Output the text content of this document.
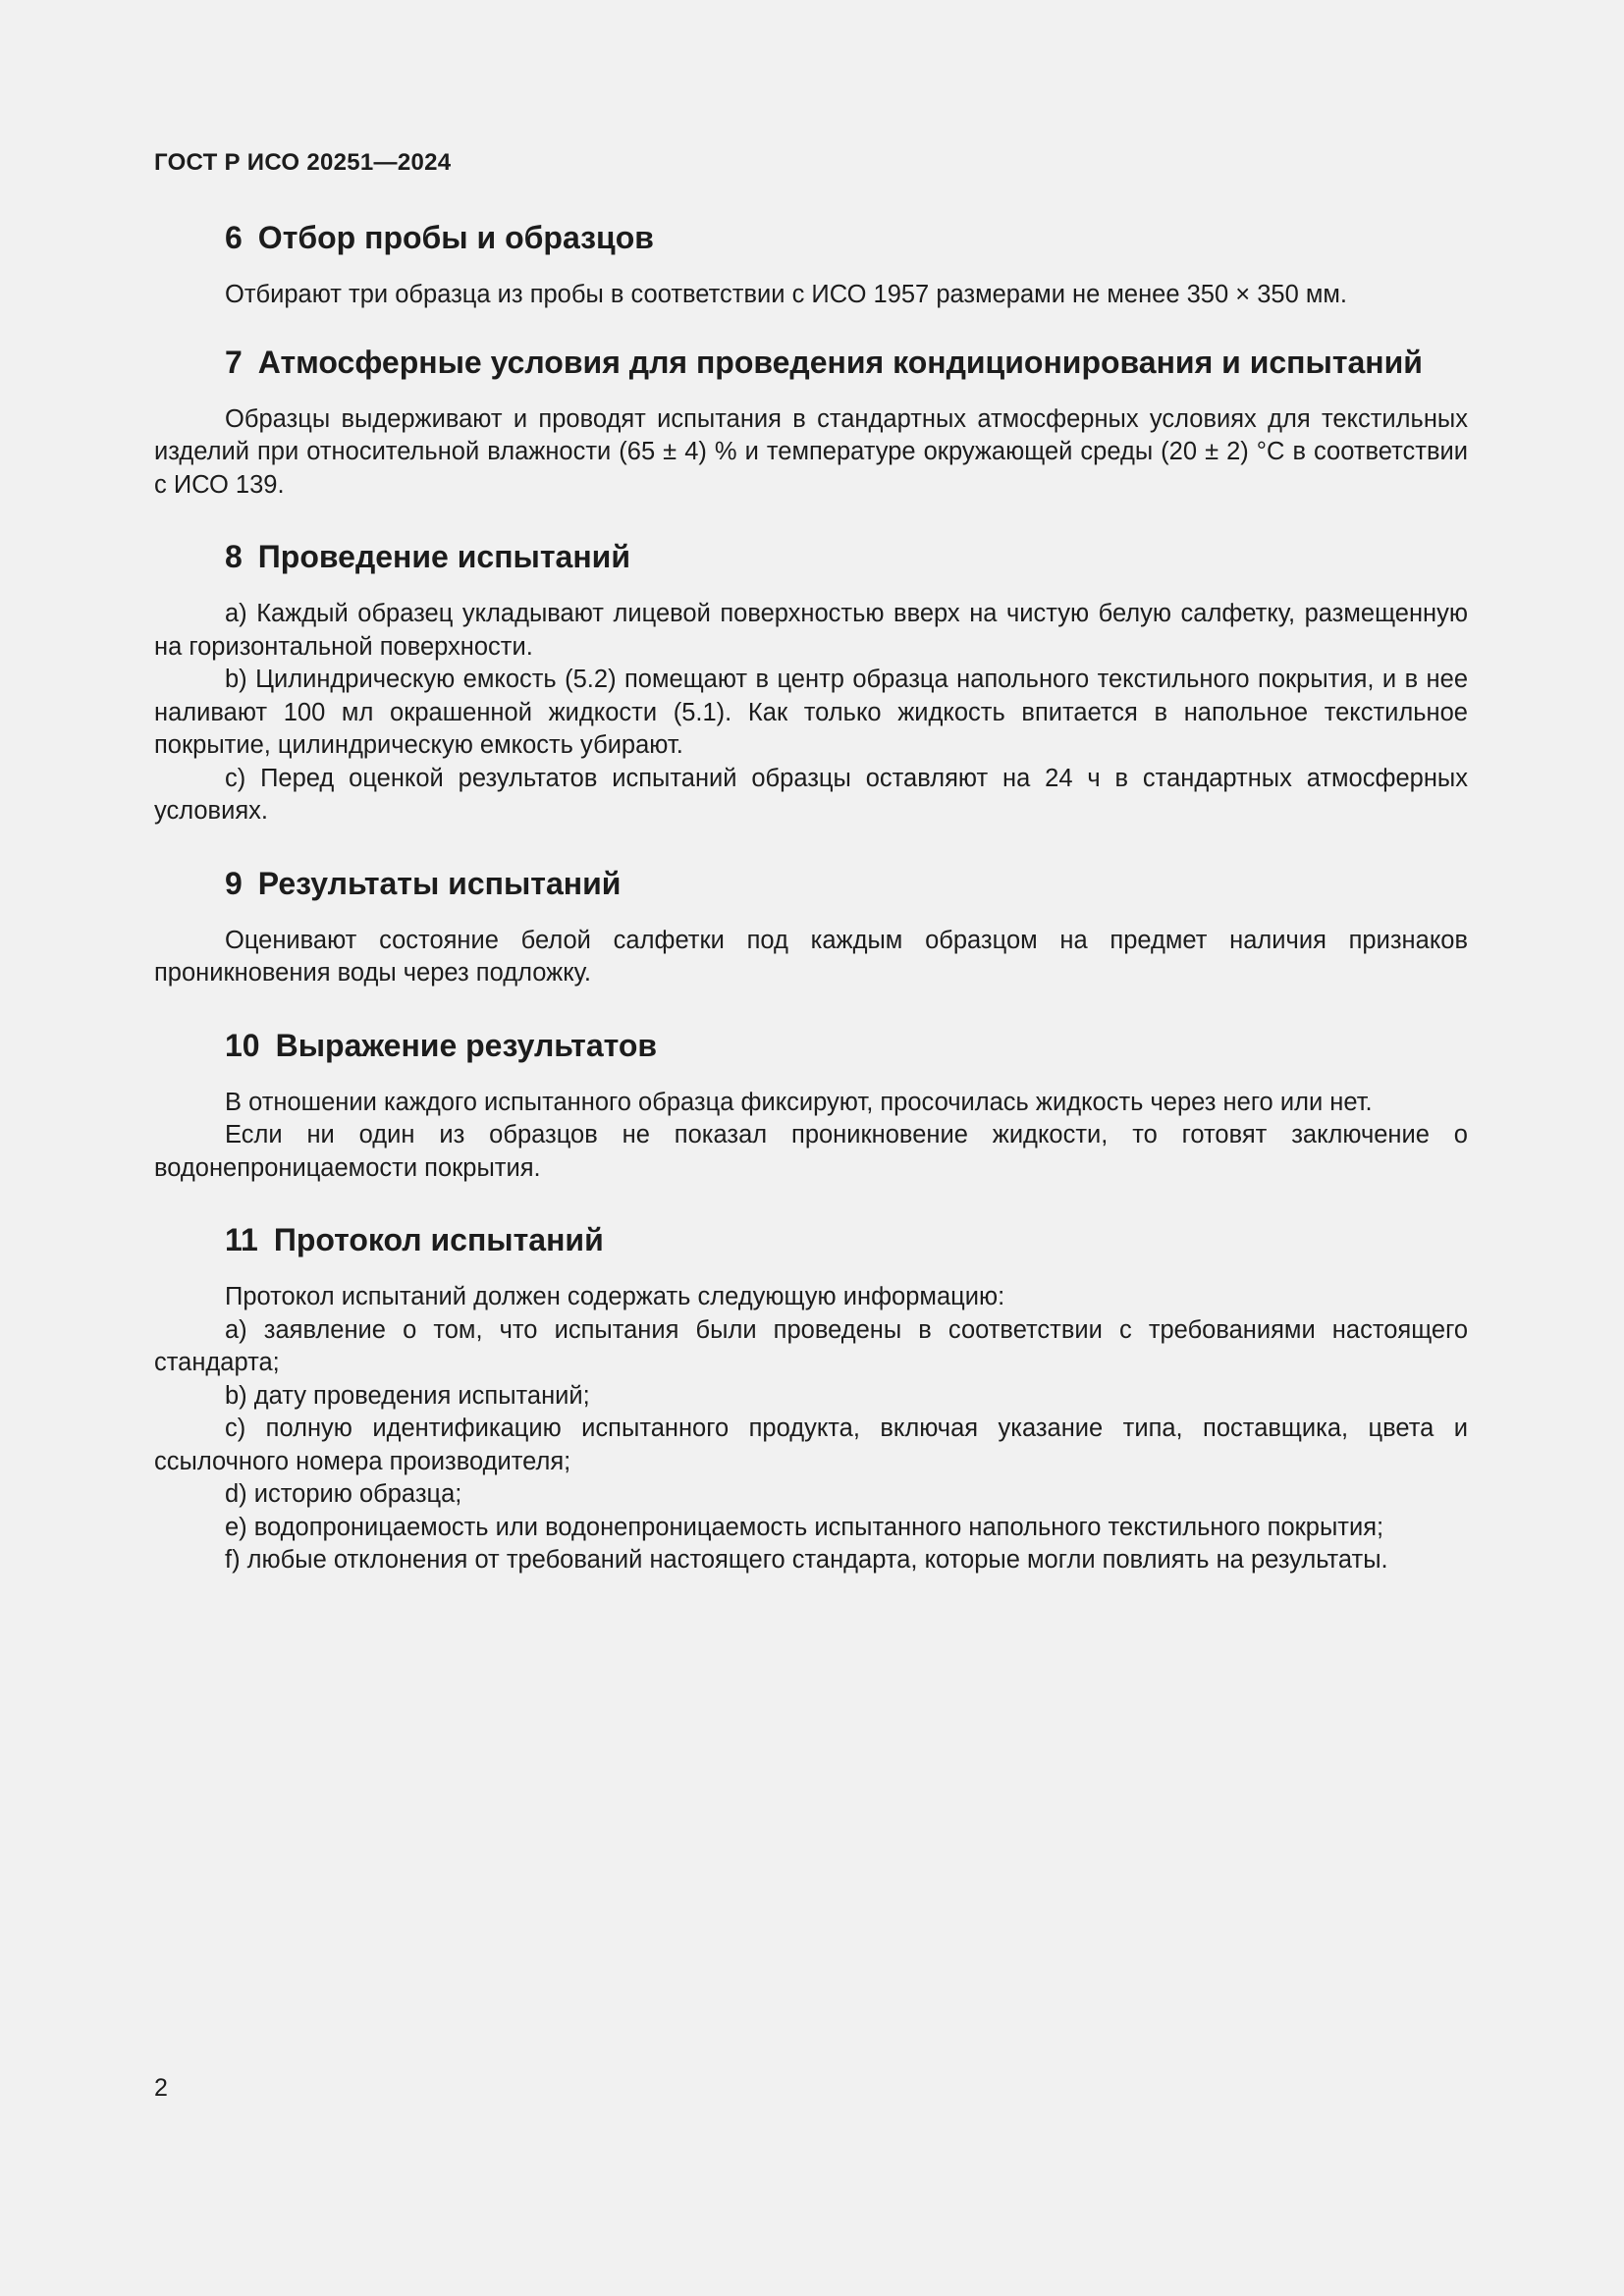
ГОСТ Р ИСО 20251—2024
6 Отбор пробы и образцов

Отбирают три образца из пробы в соответствии с ИСО 1957 размерами не менее 350 × 350 мм.

7 Атмосферные условия для проведения кондиционирования и испытаний

Образцы выдерживают и проводят испытания в стандартных атмосферных условиях для текстильных изделий при относительной влажности (65 ± 4) % и температуре окружающей среды (20 ± 2) °С в соответствии с ИСО 139.

8 Проведение испытаний

а) Каждый образец укладывают лицевой поверхностью вверх на чистую белую салфетку, размещенную на горизонтальной поверхности.

b) Цилиндрическую емкость (5.2) помещают в центр образца напольного текстильного покрытия, и в нее наливают 100 мл окрашенной жидкости (5.1). Как только жидкость впитается в напольное текстильное покрытие, цилиндрическую емкость убирают.

с) Перед оценкой результатов испытаний образцы оставляют на 24 ч в стандартных атмосферных условиях.

9 Результаты испытаний

Оценивают состояние белой салфетки под каждым образцом на предмет наличия признаков проникновения воды через подложку.

10 Выражение результатов

В отношении каждого испытанного образца фиксируют, просочилась жидкость через него или нет.

Если ни один из образцов не показал проникновение жидкости, то готовят заключение о водонепроницаемости покрытия.

11 Протокол испытаний

Протокол испытаний должен содержать следующую информацию:

а) заявление о том, что испытания были проведены в соответствии с требованиями настоящего стандарта;

b) дату проведения испытаний;

с) полную идентификацию испытанного продукта, включая указание типа, поставщика, цвета и ссылочного номера производителя;

d) историю образца;

е) водопроницаемость или водонепроницаемость испытанного напольного текстильного покрытия;

f) любые отклонения от требований настоящего стандарта, которые могли повлиять на результаты.

2
